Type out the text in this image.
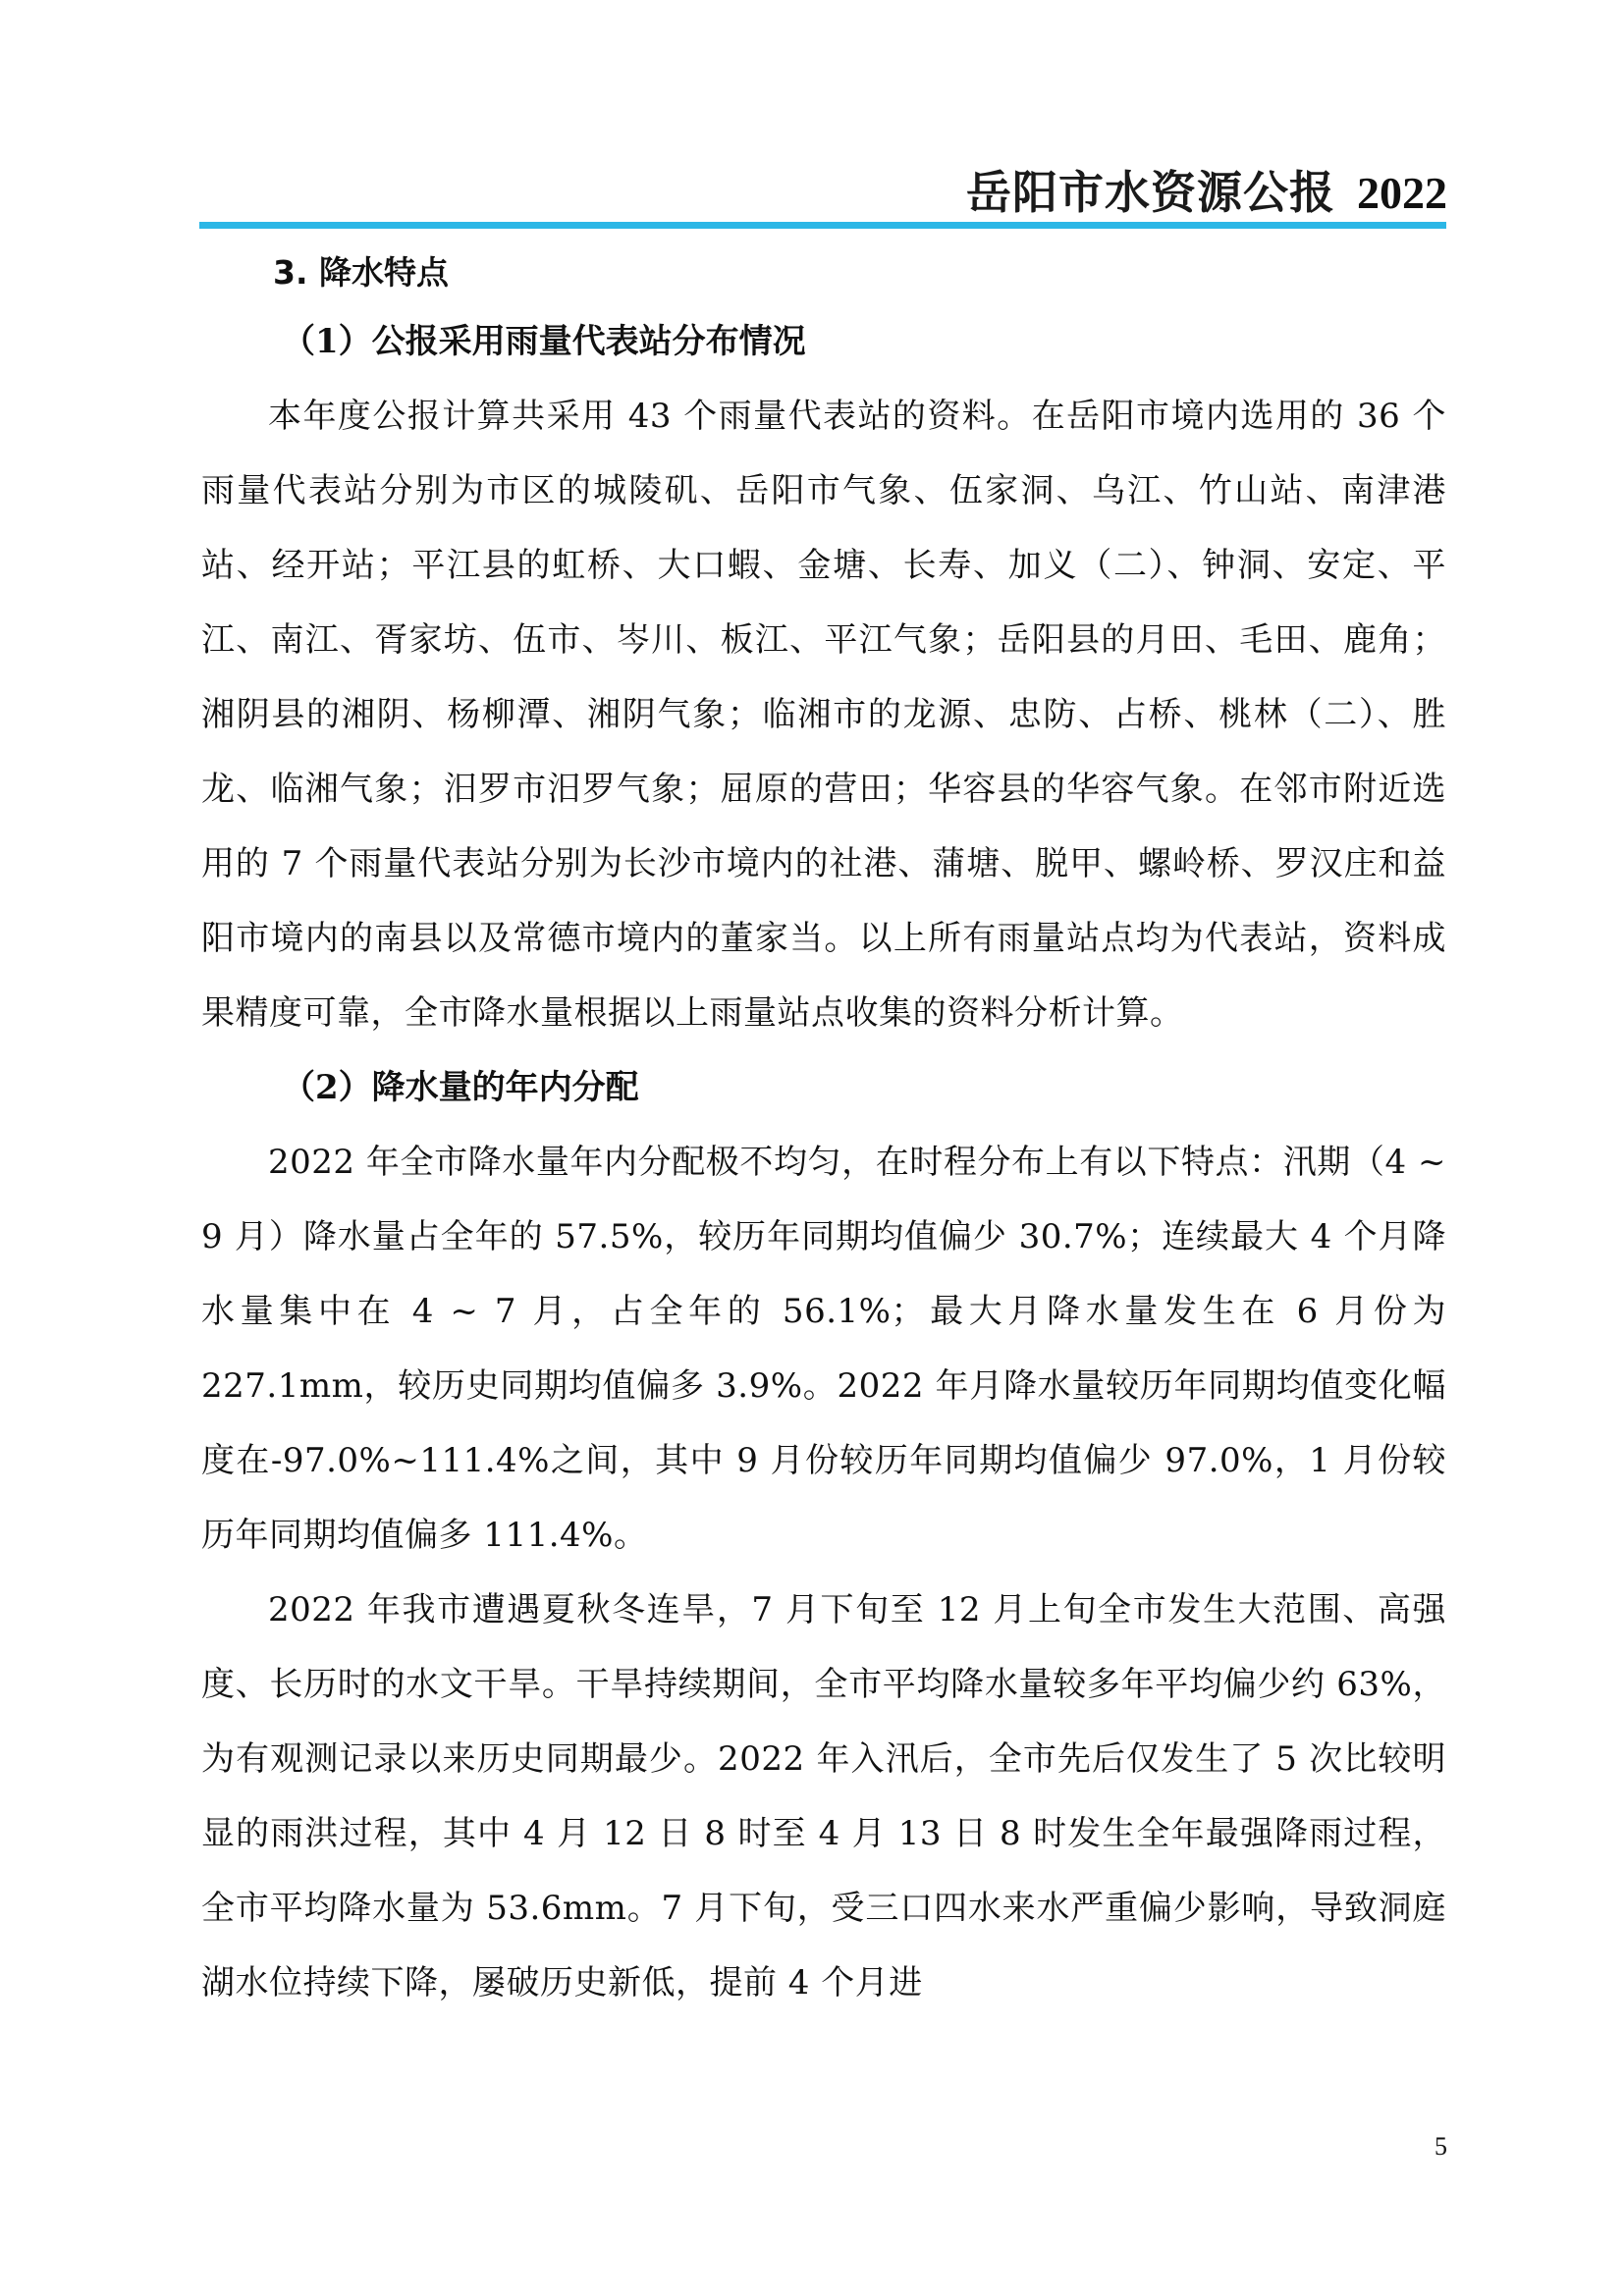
岳阳市水资源公报 2022
3. 降水特点
（1）公报采用雨量代表站分布情况

本年度公报计算共采用 43 个雨量代表站的资料。在岳阳市境内选用的 36 个雨量代表站分别为市区的城陵矶、岳阳市气象、伍家洞、乌江、竹山站、南津港站、经开站；平江县的虹桥、大口蝦、金塘、长寿、加义（二）、钟洞、安定、平江、南江、胥家坊、伍市、岑川、板江、平江气象；岳阳县的月田、毛田、鹿角；湘阴县的湘阴、杨柳潭、湘阴气象；临湘市的龙源、忠防、占桥、桃林（二）、胜龙、临湘气象；汨罗市汨罗气象；屈原的营田；华容县的华容气象。在邻市附近选用的 7 个雨量代表站分别为长沙市境内的社港、蒲塘、脱甲、螺岭桥、罗汉庄和益阳市境内的南县以及常德市境内的董家当。以上所有雨量站点均为代表站，资料成果精度可靠，全市降水量根据以上雨量站点收集的资料分析计算。

（2）降水量的年内分配

2022 年全市降水量年内分配极不均匀，在时程分布上有以下特点：汛期（4 ~ 9 月）降水量占全年的 57.5%，较历年同期均值偏少 30.7%；连续最大 4 个月降水量集中在 4 ~ 7 月，占全年的 56.1%；最大月降水量发生在 6 月份为 227.1mm，较历史同期均值偏多 3.9%。2022 年月降水量较历年同期均值变化幅度在-97.0%~111.4%之间，其中 9 月份较历年同期均值偏少 97.0%，1 月份较历年同期均值偏多 111.4%。

2022 年我市遭遇夏秋冬连旱，7 月下旬至 12 月上旬全市发生大范围、高强度、长历时的水文干旱。干旱持续期间，全市平均降水量较多年平均偏少约 63%，为有观测记录以来历史同期最少。2022 年入汛后，全市先后仅发生了 5 次比较明显的雨洪过程，其中 4 月 12 日 8 时至 4 月 13 日 8 时发生全年最强降雨过程，全市平均降水量为 53.6mm。7 月下旬，受三口四水来水严重偏少影响，导致洞庭湖水位持续下降，屡破历史新低，提前 4 个月进

5
